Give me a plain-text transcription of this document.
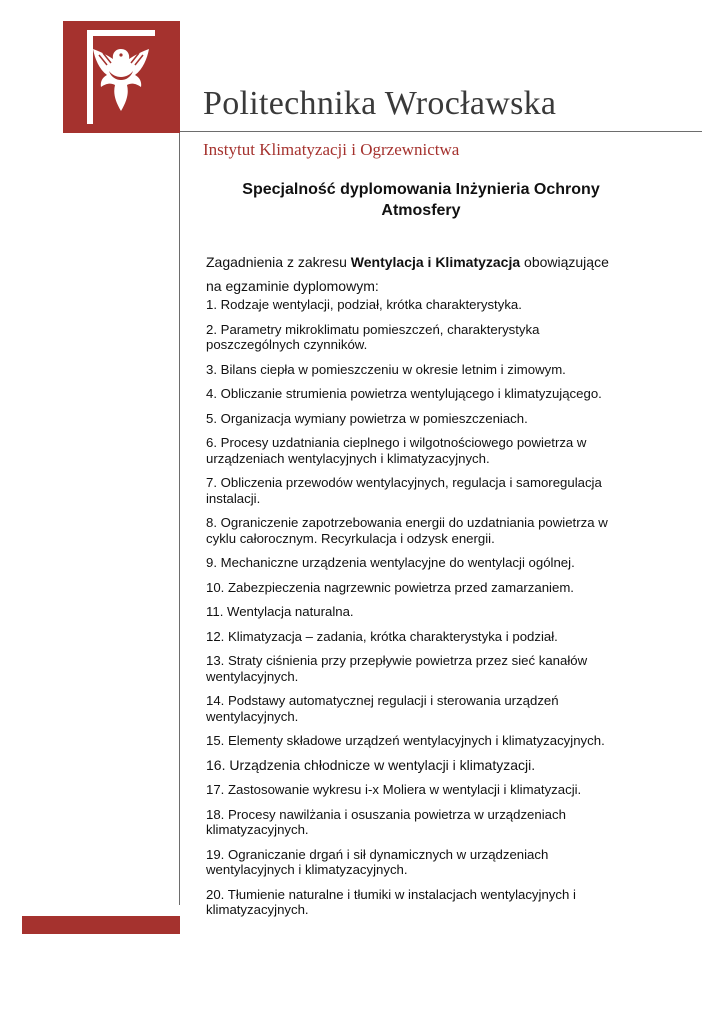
Politechnika Wrocławska
Instytut Klimatyzacji i Ogrzewnictwa
Specjalność dyplomowania Inżynieria Ochrony Atmosfery
Zagadnienia z zakresu Wentylacja i Klimatyzacja obowiązujące na egzaminie dyplomowym:
1. Rodzaje wentylacji, podział, krótka charakterystyka.
2. Parametry mikroklimatu pomieszczeń, charakterystyka poszczególnych czynników.
3. Bilans ciepła w pomieszczeniu w okresie letnim i zimowym.
4. Obliczanie strumienia powietrza wentylującego i klimatyzującego.
5. Organizacja wymiany powietrza w pomieszczeniach.
6. Procesy uzdatniania cieplnego i wilgotnościowego powietrza w urządzeniach wentylacyjnych i klimatyzacyjnych.
7. Obliczenia przewodów wentylacyjnych, regulacja i samoregulacja instalacji.
8. Ograniczenie zapotrzebowania energii do uzdatniania powietrza w cyklu całorocznym. Recyrkulacja i odzysk energii.
9. Mechaniczne urządzenia wentylacyjne do wentylacji ogólnej.
10. Zabezpieczenia nagrzewnic powietrza przed zamarzaniem.
11. Wentylacja naturalna.
12. Klimatyzacja – zadania, krótka charakterystyka i podział.
13. Straty ciśnienia przy przepływie powietrza przez sieć kanałów wentylacyjnych.
14. Podstawy automatycznej regulacji i sterowania urządzeń wentylacyjnych.
15. Elementy składowe urządzeń wentylacyjnych i klimatyzacyjnych.
16. Urządzenia chłodnicze w wentylacji i klimatyzacji.
17. Zastosowanie wykresu i-x Moliera w wentylacji i klimatyzacji.
18. Procesy nawilżania i osuszania powietrza w urządzeniach klimatyzacyjnych.
19. Ograniczanie drgań i sił dynamicznych w urządzeniach wentylacyjnych i klimatyzacyjnych.
20. Tłumienie naturalne i tłumiki w instalacjach wentylacyjnych i klimatyzacyjnych.
